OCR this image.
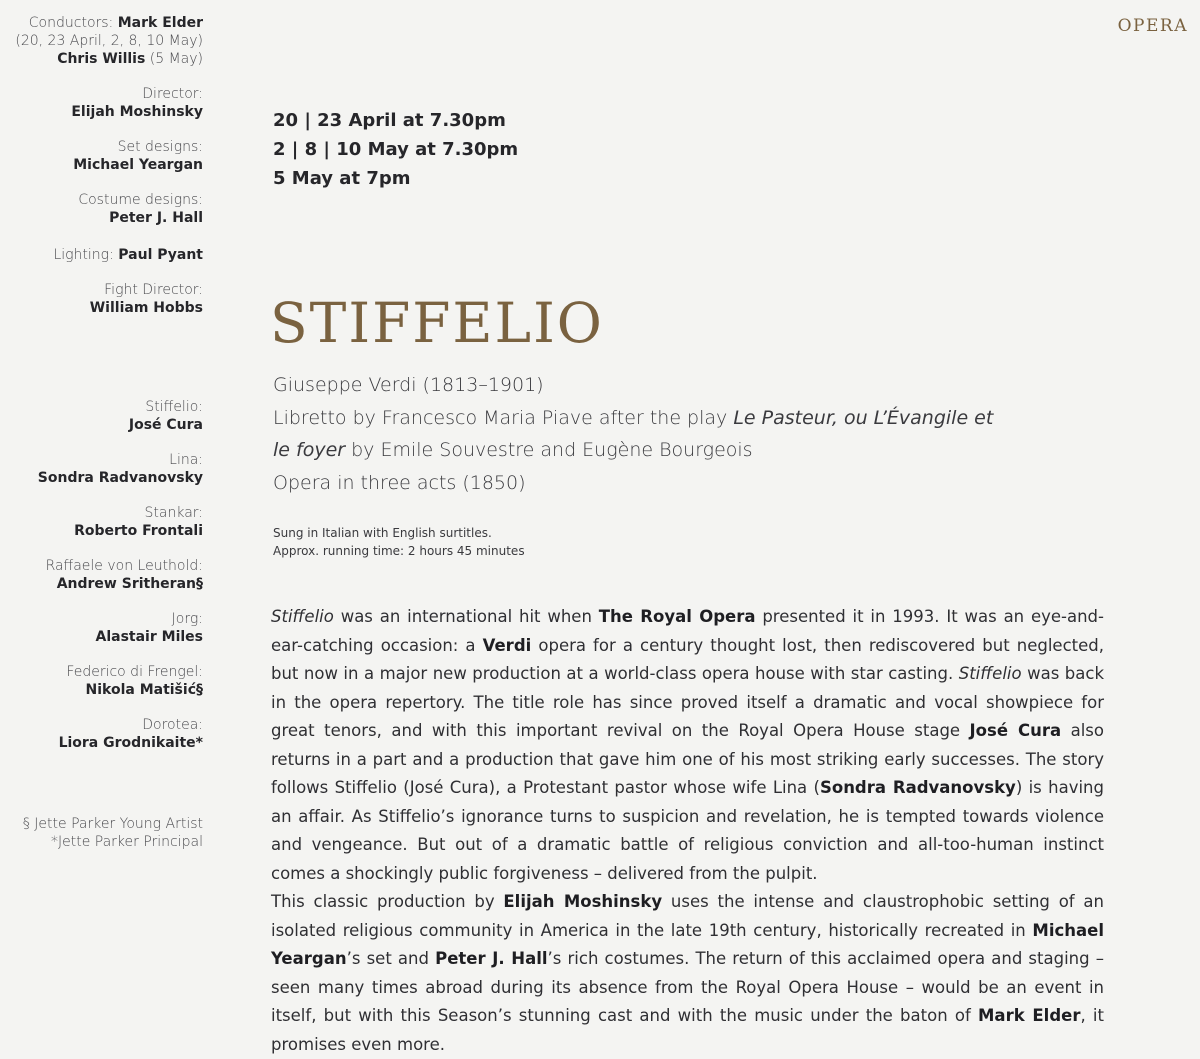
OPERA
Conductors: Mark Elder
(20, 23 April, 2, 8, 10 May)
Chris Willis (5 May)
Director:
Elijah Moshinsky
Set designs:
Michael Yeargan
Costume designs:
Peter J. Hall
Lighting: Paul Pyant
Fight Director:
William Hobbs
Stiffelio:
José Cura
Lina:
Sondra Radvanovsky
Stankar:
Roberto Frontali
Raffaele von Leuthold:
Andrew Sritheran§
Jorg:
Alastair Miles
Federico di Frengel:
Nikola Matišić§
Dorotea:
Liora Grodnikaite*
§ Jette Parker Young Artist
*Jette Parker Principal
20 | 23 April at 7.30pm
2 | 8 | 10 May at 7.30pm
5 May at 7pm
STIFFELIO
Giuseppe Verdi (1813–1901)
Libretto by Francesco Maria Piave after the play Le Pasteur, ou L’Évangile et
le foyer by Emile Souvestre and Eugène Bourgeois
Opera in three acts (1850)
Sung in Italian with English surtitles.
Approx. running time: 2 hours 45 minutes

Stiffelio was an international hit when The Royal Opera presented it in 1993. It was an eye-and-ear-catching occasion: a Verdi opera for a century thought lost, then rediscovered but neglected, but now in a major new production at a world-class opera house with star casting. Stiffelio was back in the opera repertory. The title role has since proved itself a dramatic and vocal showpiece for great tenors, and with this important revival on the Royal Opera House stage José Cura also returns in a part and a production that gave him one of his most striking early successes. The story follows Stiffelio (José Cura), a Protestant pastor whose wife Lina (Sondra Radvanovsky) is having an affair. As Stiffelio’s ignorance turns to suspicion and revelation, he is tempted towards violence and vengeance. But out of a dramatic battle of religious conviction and all-too-human instinct comes a shockingly public forgiveness – delivered from the pulpit.

This classic production by Elijah Moshinsky uses the intense and claustrophobic setting of an isolated religious community in America in the late 19th century, historically recreated in Michael Yeargan’s set and Peter J. Hall’s rich costumes. The return of this acclaimed opera and staging – seen many times abroad during its absence from the Royal Opera House – would be an event in itself, but with this Season’s stunning cast and with the music under the baton of Mark Elder, it promises even more.
